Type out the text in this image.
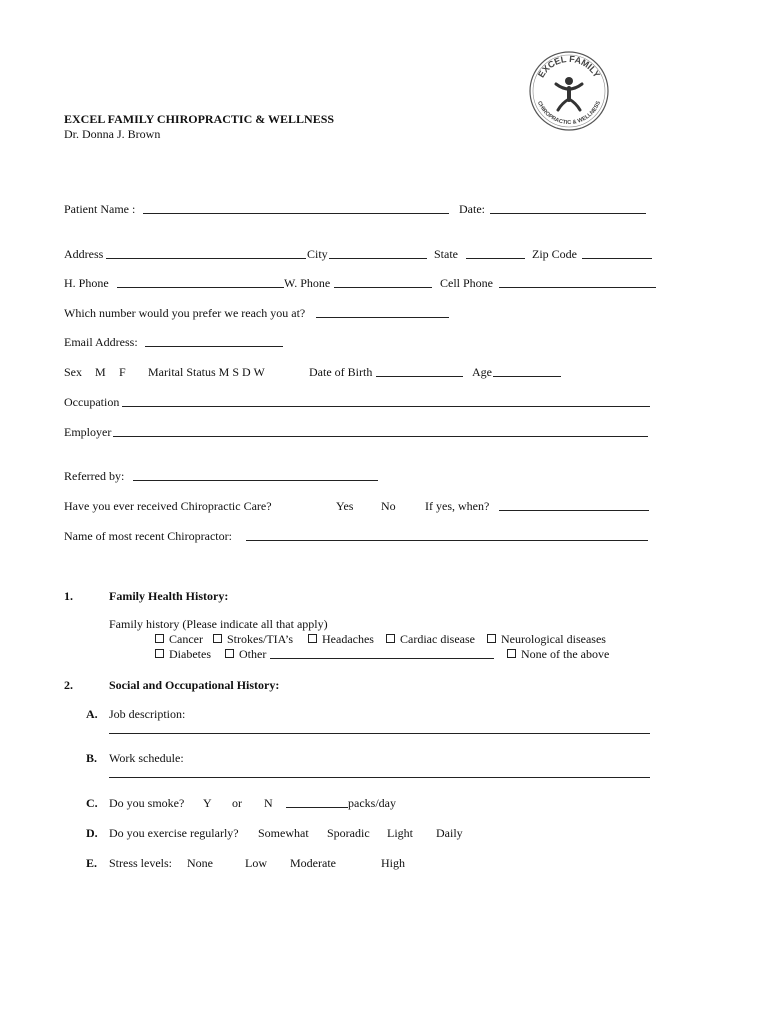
EXCEL FAMILY
CHIROPRACTIC & WELLNESS
EXCEL FAMILY CHIROPRACTIC & WELLNESS
Dr. Donna J. Brown
Patient Name :	Date:
Address	City	State	Zip Code
H. Phone	W. Phone	Cell Phone
Which number would you prefer we reach you at?
Email Address:
Sex M F Marital Status M S D W	Date of Birth	Age
Occupation
Employer
Referred by:
Have you ever received Chiropractic Care?	Yes No If yes, when?
Name of most recent Chiropractor:
1.	Family Health History:
Family history (Please indicate all that apply)
Cancer	Strokes/TIA’s	Headaches	Cardiac disease	Neurological diseases
Diabetes	Other	None of the above
2.	Social and Occupational History:
A. Job description:
B. Work schedule:
C. Do you smoke? Y or N	packs/day
D. Do you exercise regularly? Somewhat Sporadic Light Daily
E. Stress levels: None	Low Moderate	High
